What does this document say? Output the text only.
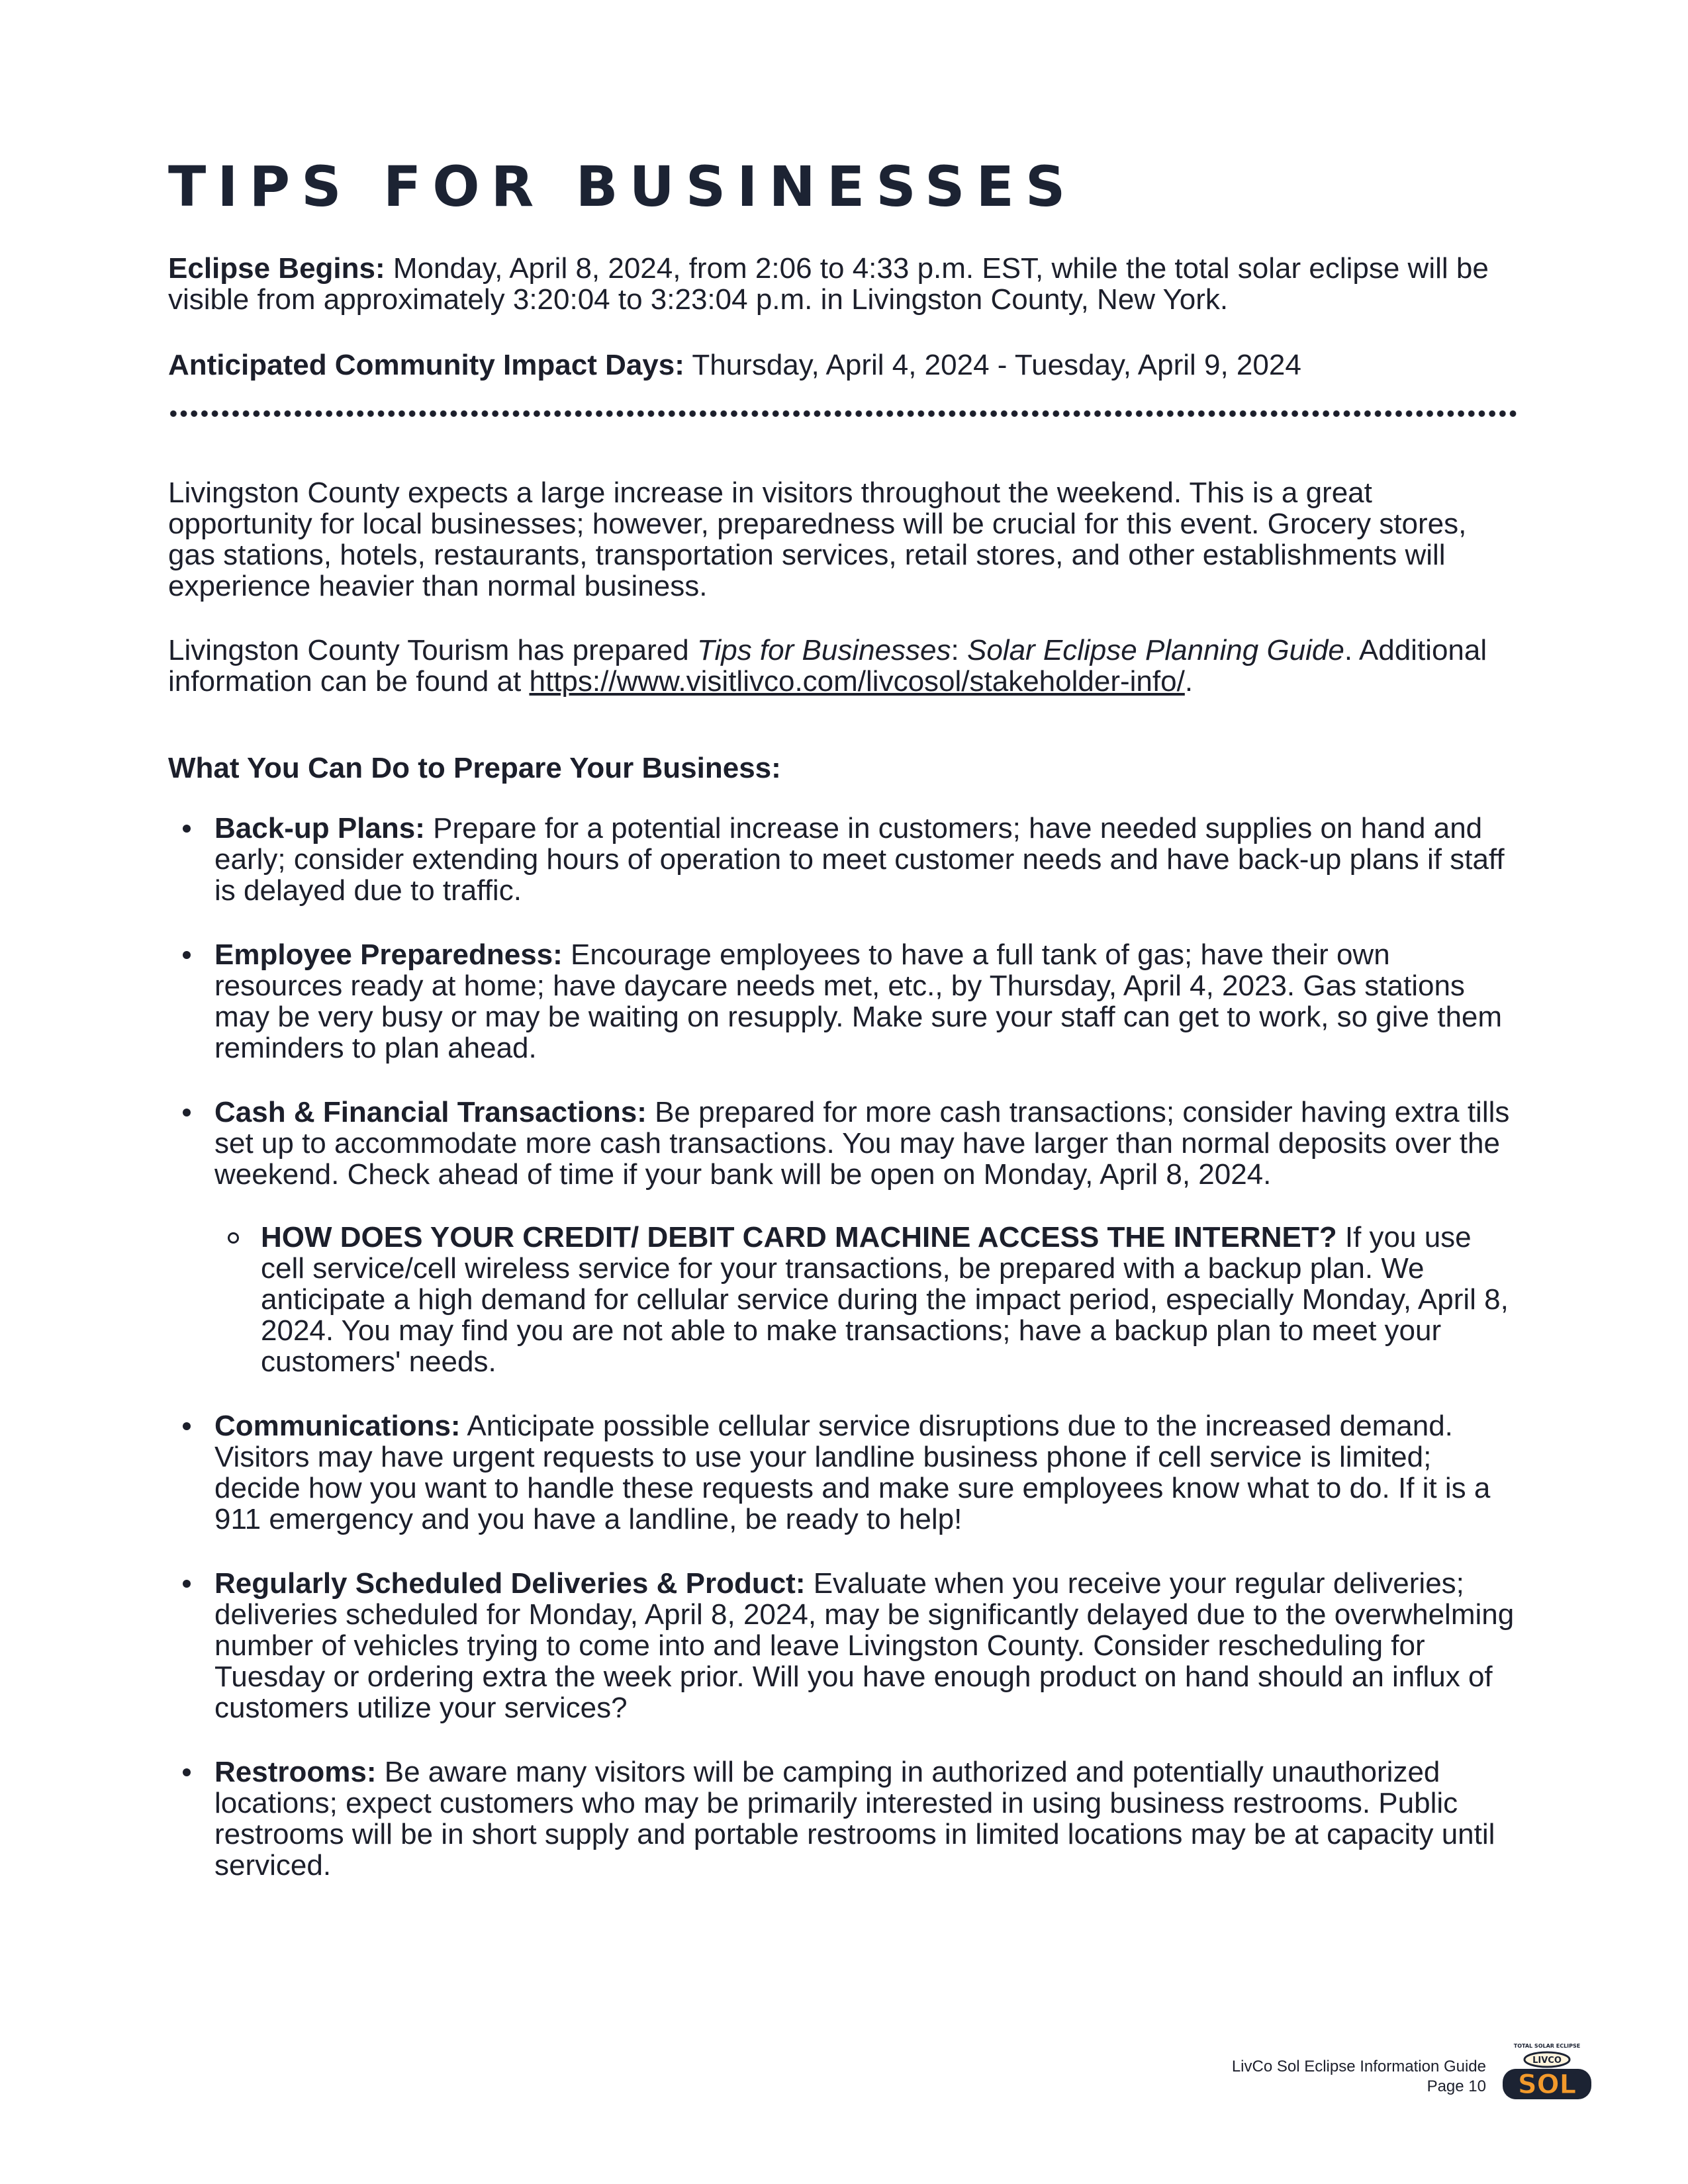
TIPS FOR BUSINESSES

Eclipse Begins: Monday, April 8, 2024, from 2:06 to 4:33 p.m. EST, while the total solar eclipse will be visible from approximately 3:20:04 to 3:23:04 p.m. in Livingston County, New York.

Anticipated Community Impact Days: Thursday, April 4, 2024 - Tuesday, April 9, 2024

Livingston County expects a large increase in visitors throughout the weekend. This is a great opportunity for local businesses; however, preparedness will be crucial for this event. Grocery stores, gas stations, hotels, restaurants, transportation services, retail stores, and other establishments will experience heavier than normal business.

Livingston County Tourism has prepared Tips for Businesses: Solar Eclipse Planning Guide. Additional information can be found at https://www.visitlivco.com/livcosol/stakeholder-info/.

What You Can Do to Prepare Your Business:

Back-up Plans: Prepare for a potential increase in customers; have needed supplies on hand and early; consider extending hours of operation to meet customer needs and have back-up plans if staff is delayed due to traffic.
Employee Preparedness: Encourage employees to have a full tank of gas; have their own resources ready at home; have daycare needs met, etc., by Thursday, April 4, 2023. Gas stations may be very busy or may be waiting on resupply. Make sure your staff can get to work, so give them reminders to plan ahead.
Cash & Financial Transactions: Be prepared for more cash transactions; consider having extra tills set up to accommodate more cash transactions. You may have larger than normal deposits over the weekend. Check ahead of time if your bank will be open on Monday, April 8, 2024.
HOW DOES YOUR CREDIT/ DEBIT CARD MACHINE ACCESS THE INTERNET? If you use cell service/cell wireless service for your transactions, be prepared with a backup plan. We anticipate a high demand for cellular service during the impact period, especially Monday, April 8, 2024. You may find you are not able to make transactions; have a backup plan to meet your customers' needs.
Communications: Anticipate possible cellular service disruptions due to the increased demand. Visitors may have urgent requests to use your landline business phone if cell service is limited; decide how you want to handle these requests and make sure employees know what to do. If it is a 911 emergency and you have a landline, be ready to help!
Regularly Scheduled Deliveries & Product: Evaluate when you receive your regular deliveries; deliveries scheduled for Monday, April 8, 2024, may be significantly delayed due to the overwhelming number of vehicles trying to come into and leave Livingston County. Consider rescheduling for Tuesday or ordering extra the week prior. Will you have enough product on hand should an influx of customers utilize your services?
Restrooms: Be aware many visitors will be camping in authorized and potentially unauthorized locations; expect customers who may be primarily interested in using business restrooms. Public restrooms will be in short supply and portable restrooms in limited locations may be at capacity until serviced.
LivCo Sol Eclipse Information Guide
Page 10
TOTAL SOLAR ECLIPSE
LIVCO
SOL
